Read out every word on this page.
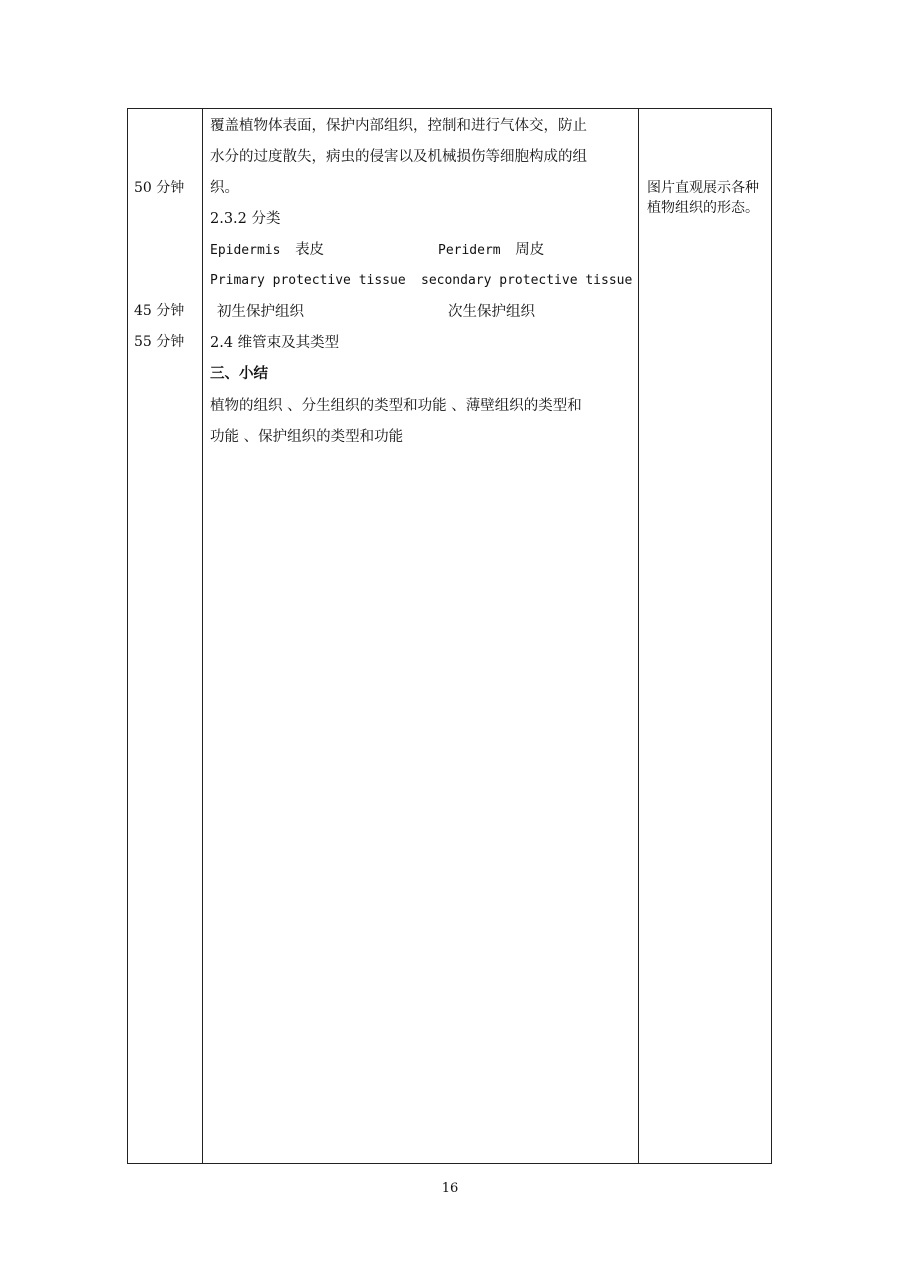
50 分钟
45 分钟
55 分钟
覆盖植物体表面，保护内部组织，控制和进行气体交，防止
水分的过度散失，病虫的侵害以及机械损伤等细胞构成的组
织。
2.3.2 分类
Epidermis 表皮	Periderm 周皮
Primary protective tissue secondary protective tissue
初生保护组织	次生保护组织
2.4 维管束及其类型
三、小结
植物的组织 、分生组织的类型和功能 、薄壁组织的类型和
功能 、保护组织的类型和功能
图片直观展示各种植物组织的形态。
16
